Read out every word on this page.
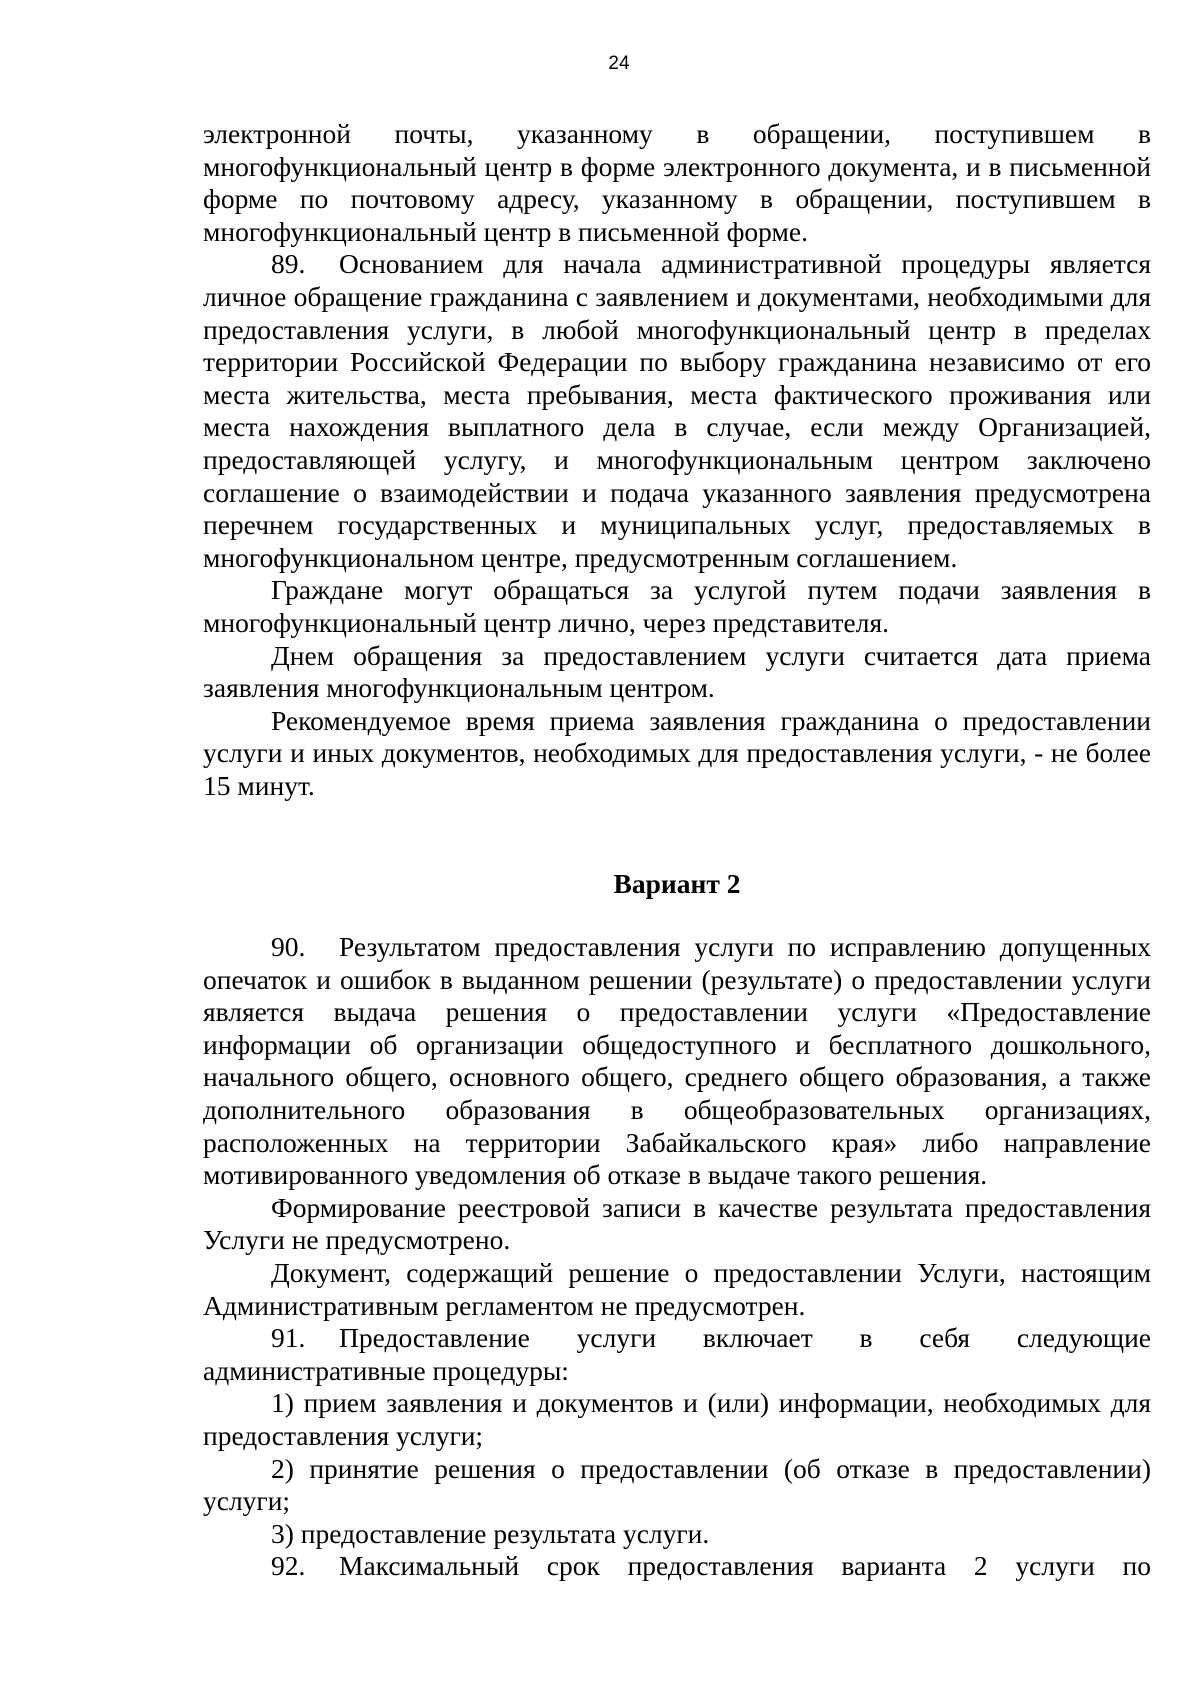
24

электронной почты, указанному в обращении, поступившем в многофункциональный центр в форме электронного документа, и в письменной форме по почтовому адресу, указанному в обращении, поступившем в многофункциональный центр в письменной форме.

89. Основанием для начала административной процедуры является личное обращение гражданина с заявлением и документами, необходимыми для предоставления услуги, в любой многофункциональный центр в пределах территории Российской Федерации по выбору гражданина независимо от его места жительства, места пребывания, места фактического проживания или места нахождения выплатного дела в случае, если между Организацией, предоставляющей услугу, и многофункциональным центром заключено соглашение о взаимодействии и подача указанного заявления предусмотрена перечнем государственных и муниципальных услуг, предоставляемых в многофункциональном центре, предусмотренным соглашением.

Граждане могут обращаться за услугой путем подачи заявления в многофункциональный центр лично, через представителя.

Днем обращения за предоставлением услуги считается дата приема заявления многофункциональным центром.

Рекомендуемое время приема заявления гражданина о предоставлении услуги и иных документов, необходимых для предоставления услуги, - не более 15 минут.

Вариант 2

90. Результатом предоставления услуги по исправлению допущенных опечаток и ошибок в выданном решении (результате) о предоставлении услуги является выдача решения о предоставлении услуги «Предоставление информации об организации общедоступного и бесплатного дошкольного, начального общего, основного общего, среднего общего образования, а также дополнительного образования в общеобразовательных организациях, расположенных на территории Забайкальского края» либо направление мотивированного уведомления об отказе в выдаче такого решения.

Формирование реестровой записи в качестве результата предоставления Услуги не предусмотрено.

Документ, содержащий решение о предоставлении Услуги, настоящим Административным регламентом не предусмотрен.

91. Предоставление услуги включает в себя следующие административные процедуры:

1) прием заявления и документов и (или) информации, необходимых для предоставления услуги;

2) принятие решения о предоставлении (об отказе в предоставлении) услуги;

3) предоставление результата услуги.

92. Максимальный срок предоставления варианта 2 услуги по
